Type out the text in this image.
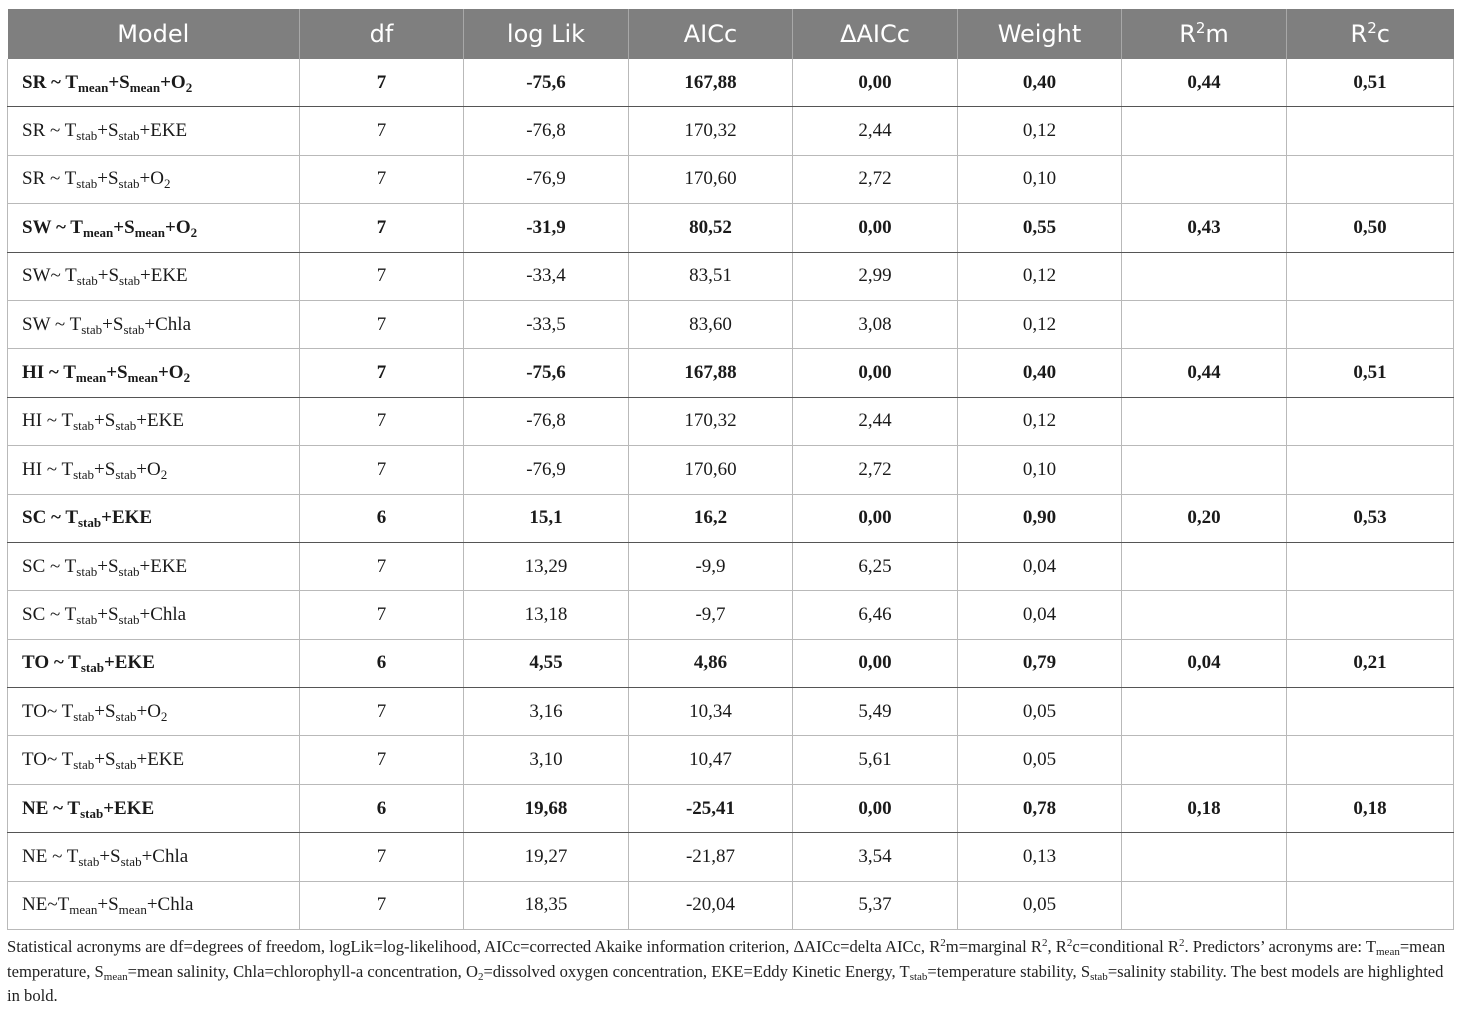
Model	df	log Lik	AICc	ΔAICc	Weight	$R^2m$	$R^2c$
SR ~ $T_{mean}+S_{mean}+O_2$	7	-75,6	167,88	0,00	0,40	0,44	0,51
SR ~ $T_{stab}+S_{stab}+EKE$	7	-76,8	170,32	2,44	0,12		
SR ~ $T_{stab}+S_{stab}+O_2$	7	-76,9	170,60	2,72	0,10		
SW ~ $T_{mean}+S_{mean}+O_2$	7	-31,9	80,52	0,00	0,55	0,43	0,50
SW~ $T_{stab}+S_{stab}+EKE$	7	-33,4	83,51	2,99	0,12		
SW ~ $T_{stab}+S_{stab}+Chla$	7	-33,5	83,60	3,08	0,12		
HI ~ $T_{mean}+S_{mean}+O_2$	7	-75,6	167,88	0,00	0,40	0,44	0,51
HI ~ $T_{stab}+S_{stab}+EKE$	7	-76,8	170,32	2,44	0,12		
HI ~ $T_{stab}+S_{stab}+O_2$	7	-76,9	170,60	2,72	0,10		
SC ~ $T_{stab}+EKE$	6	15,1	16,2	0,00	0,90	0,20	0,53
SC ~ $T_{stab}+S_{stab}+EKE$	7	13,29	-9,9	6,25	0,04		
SC ~ $T_{stab}+S_{stab}+Chla$	7	13,18	-9,7	6,46	0,04		
TO ~ $T_{stab}+EKE$	6	4,55	4,86	0,00	0,79	0,04	0,21
TO~ $T_{stab}+S_{stab}+O_2$	7	3,16	10,34	5,49	0,05		
TO~ $T_{stab}+S_{stab}+EKE$	7	3,10	10,47	5,61	0,05		
NE ~ $T_{stab}+EKE$	6	19,68	-25,41	0,00	0,78	0,18	0,18
NE ~ $T_{stab}+S_{stab}+Chla$	7	19,27	-21,87	3,54	0,13		
$NE\sim T_{mean}+S_{mean}+Chla$	7	18,35	-20,04	5,37	0,05		
Statistical acronyms are df=degrees of freedom, logLik=log-likelihood, AICc=corrected Akaike information criterion, ΔAICc=delta AICc, $R^2m=marginal$ $R^2$, $R^2c=conditional$ $R^2$. Predictors’ acronyms are: $T_{mean}=mean$ temperature, $S_{mean}=mean$ salinity, Chla=chlorophyll-a concentration, $O_2=dissolved$ oxygen concentration, EKE=Eddy Kinetic Energy, $T_{stab}=temperature$ stability, $S_{stab}=salinity$ stability. The best models are highlighted in bold.
